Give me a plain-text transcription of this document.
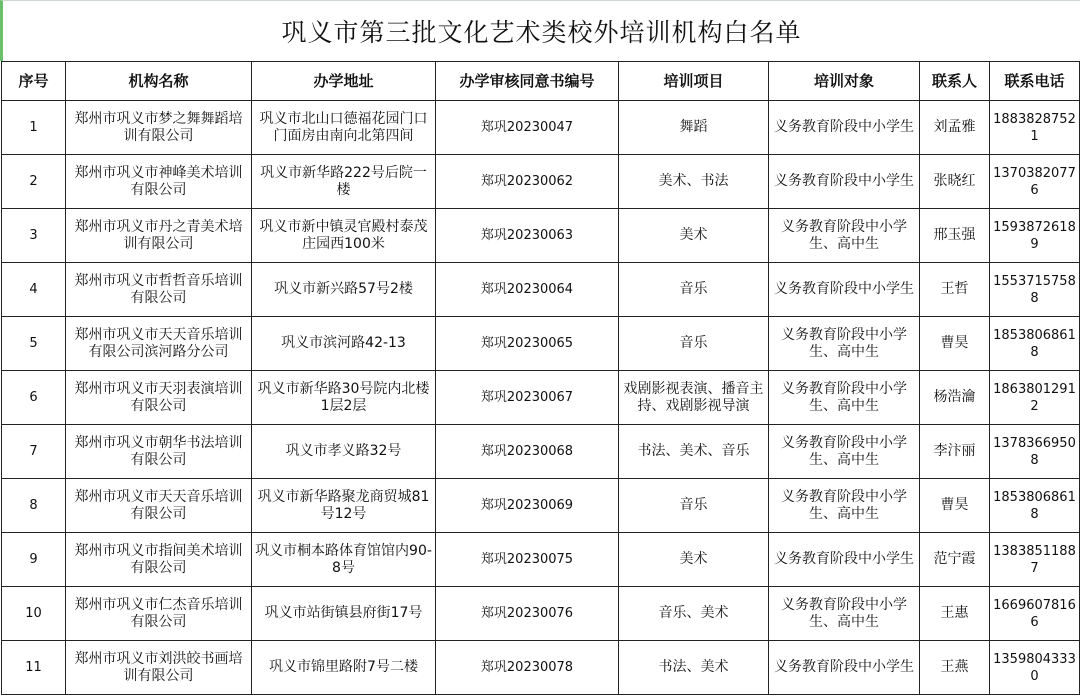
巩义市第三批文化艺术类校外培训机构白名单
序号	机构名称	办学地址	办学审核同意书编号	培训项目	培训对象	联系人	联系电话
1	郑州市巩义市梦之舞舞蹈培训有限公司	巩义市北山口德福花园门口门面房由南向北第四间	郑巩20230047	舞蹈	义务教育阶段中小学生	刘孟雅	18838287521
2	郑州市巩义市神峰美术培训有限公司	巩义市新华路222号后院一楼	郑巩20230062	美术、书法	义务教育阶段中小学生	张晓红	13703820776
3	郑州市巩义市丹之青美术培训有限公司	巩义市新中镇灵官殿村泰茂庄园西100米	郑巩20230063	美术	义务教育阶段中小学生、高中生	邢玉强	15938726189
4	郑州市巩义市哲哲音乐培训有限公司	巩义市新兴路57号2楼	郑巩20230064	音乐	义务教育阶段中小学生	王哲	15537157588
5	郑州市巩义市天天音乐培训有限公司滨河路分公司	巩义市滨河路42-13	郑巩20230065	音乐	义务教育阶段中小学生、高中生	曹昊	18538068618
6	郑州市巩义市天羽表演培训有限公司	巩义市新华路30号院内北楼1层2层	郑巩20230067	戏剧影视表演、播音主持、戏剧影视导演	义务教育阶段中小学生、高中生	杨浩瀹	18638012912
7	郑州市巩义市朝华书法培训有限公司	巩义市孝义路32号	郑巩20230068	书法、美术、音乐	义务教育阶段中小学生、高中生	李汴丽	13783669508
8	郑州市巩义市天天音乐培训有限公司	巩义市新华路聚龙商贸城81号12号	郑巩20230069	音乐	义务教育阶段中小学生、高中生	曹昊	18538068618
9	郑州市巩义市指间美术培训有限公司	巩义市桐本路体育馆馆内90-8号	郑巩20230075	美术	义务教育阶段中小学生	范宁霞	13838511887
10	郑州市巩义市仁杰音乐培训有限公司	巩义市站街镇县府街17号	郑巩20230076	音乐、美术	义务教育阶段中小学生、高中生	王惠	16696078166
11	郑州市巩义市刘洪皎书画培训有限公司	巩义市锦里路附7号二楼	郑巩20230078	书法、美术	义务教育阶段中小学生	王燕	13598043330
